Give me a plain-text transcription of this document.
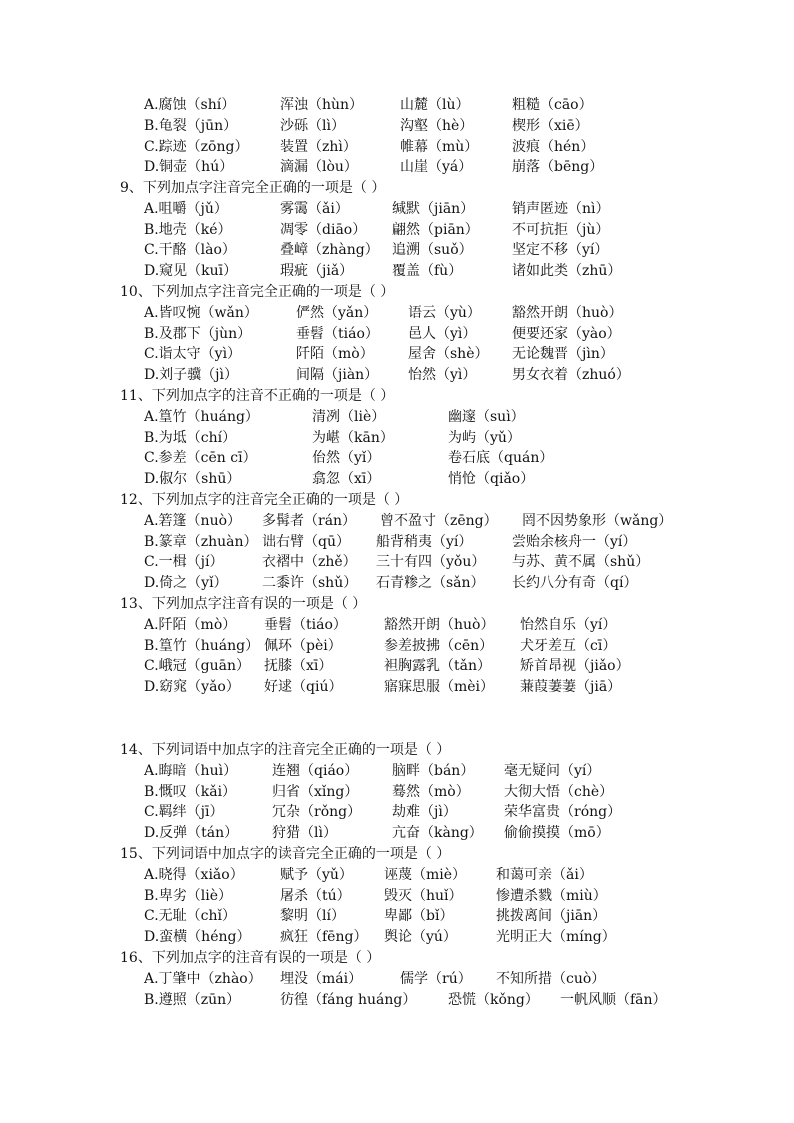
A.腐蚀（shí）	浑浊（hùn）	山麓（lù）	粗糙（cāo）
B.龟裂（jūn）	沙砾（lì）	沟壑（hè）	楔形（xiē）
C.踪迹（zōng） 装置（zhì）	帷幕（mù） 波痕（hén）
D.铜壶（hú）	滴漏（lòu）	山崖（yá）	崩落（bēng）
9、下列加点字注音完全正确的一项是（ ）
A.咀嚼（jǔ）	雾霭（ǎi）	缄默（jiān）	销声匿迹（nì）
B.地壳（ké）	凋零（diāo） 翩然（piān） 不可抗拒（jù）
C.干酪（lào）	叠嶂（zhàng） 追溯（suǒ）	坚定不移（yí）
D.窥见（kuī）	瑕疵（jiǎ）	覆盖（fù）	诸如此类（zhū）
10、下列加点字注音完全正确的一项是（ ）
A.皆叹惋（wǎn）	俨然（yǎn） 语云（yù） 豁然开朗（huò）
B.及郡下（jùn）	垂髫（tiáo） 邑人（yì）	便要还家（yào）
C.诣太守（yì）	阡陌（mò） 屋舍（shè） 无论魏晋（jìn）
D.刘子骥（jì）	间隔（jiàn） 怡然（yì）	男女衣着（zhuó）
11、下列加点字的注音不正确的一项是（ ）
A.篁竹（huáng）	清冽（liè）	幽邃（suì）
B.为坻（chí）	为嵁（kān）	为屿（yǔ）
C.参差（cēn cī）	佁然（yǐ）	卷石底（quán）
D.俶尔（shū）	翕忽（xī）	悄怆（qiǎo）
12、下列加点字的注音完全正确的一项是（ ）
A.箬篷（nuò） 多髯者（rán） 曾不盈寸（zēng） 罔不因势象形（wǎng）
B.篆章（zhuàn） 诎右臂（qū） 船背稍夷（yí）	尝贻余核舟一（yí）
C.一楫（jí）	衣褶中（zhě） 三十有四（yǒu） 与苏、黄不属（shǔ）
D.倚之（yǐ） 二黍许（shǔ） 石青糁之（sǎn） 长约八分有奇（qí）
13、下列加点字注音有误的一项是（ ）
A.阡陌（mò） 垂髫（tiáo）	豁然开朗（huò） 怡然自乐（yí）
B.篁竹（huáng） 佩环（pèi）	参差披拂（cēn） 犬牙差互（cī）
C.峨冠（guān） 抚膝（xī）	袒胸露乳（tǎn） 矫首昂视（jiǎo）
D.窈窕（yǎo） 好逑（qiú）	寤寐思服（mèi） 蒹葭萋萋（jiā）
14、下列词语中加点字的注音完全正确的一项是（ ）
A.晦暗（huì） 连翘（qiáo） 脑畔（bán） 毫无疑问（yí）
B.慨叹（kǎi）	归省（xǐng） 蓦然（mò） 大彻大悟（chè）
C.羁绊（jī）	冗杂（rǒng） 劫难（jì）	荣华富贵（róng）
D.反弹（tán） 狩猎（lì）	亢奋（kàng） 偷偷摸摸（mō）
15、下列词语中加点字的读音完全正确的一项是（ ）
A.晓得（xiǎo）	赋予（yǔ） 诬蔑（miè） 和蔼可亲（ǎi）
B.卑劣（liè）	屠杀（tú） 毁灭（huǐ） 惨遭杀戮（miù）
C.无耻（chǐ）	黎明（lí）	卑鄙（bǐ）	挑拨离间（jiān）
D.蛮横（héng） 疯狂（fēng） 舆论（yú）	光明正大（míng）
16、下列加点字的注音有误的一项是（ ）
A.丁肇中（zhào） 埋没（mái）	儒学（rú） 不知所措（cuò）
B.遵照（zūn）	彷徨（fáng huáng） 恐慌（kǒng） 一帆风顺（fān）
